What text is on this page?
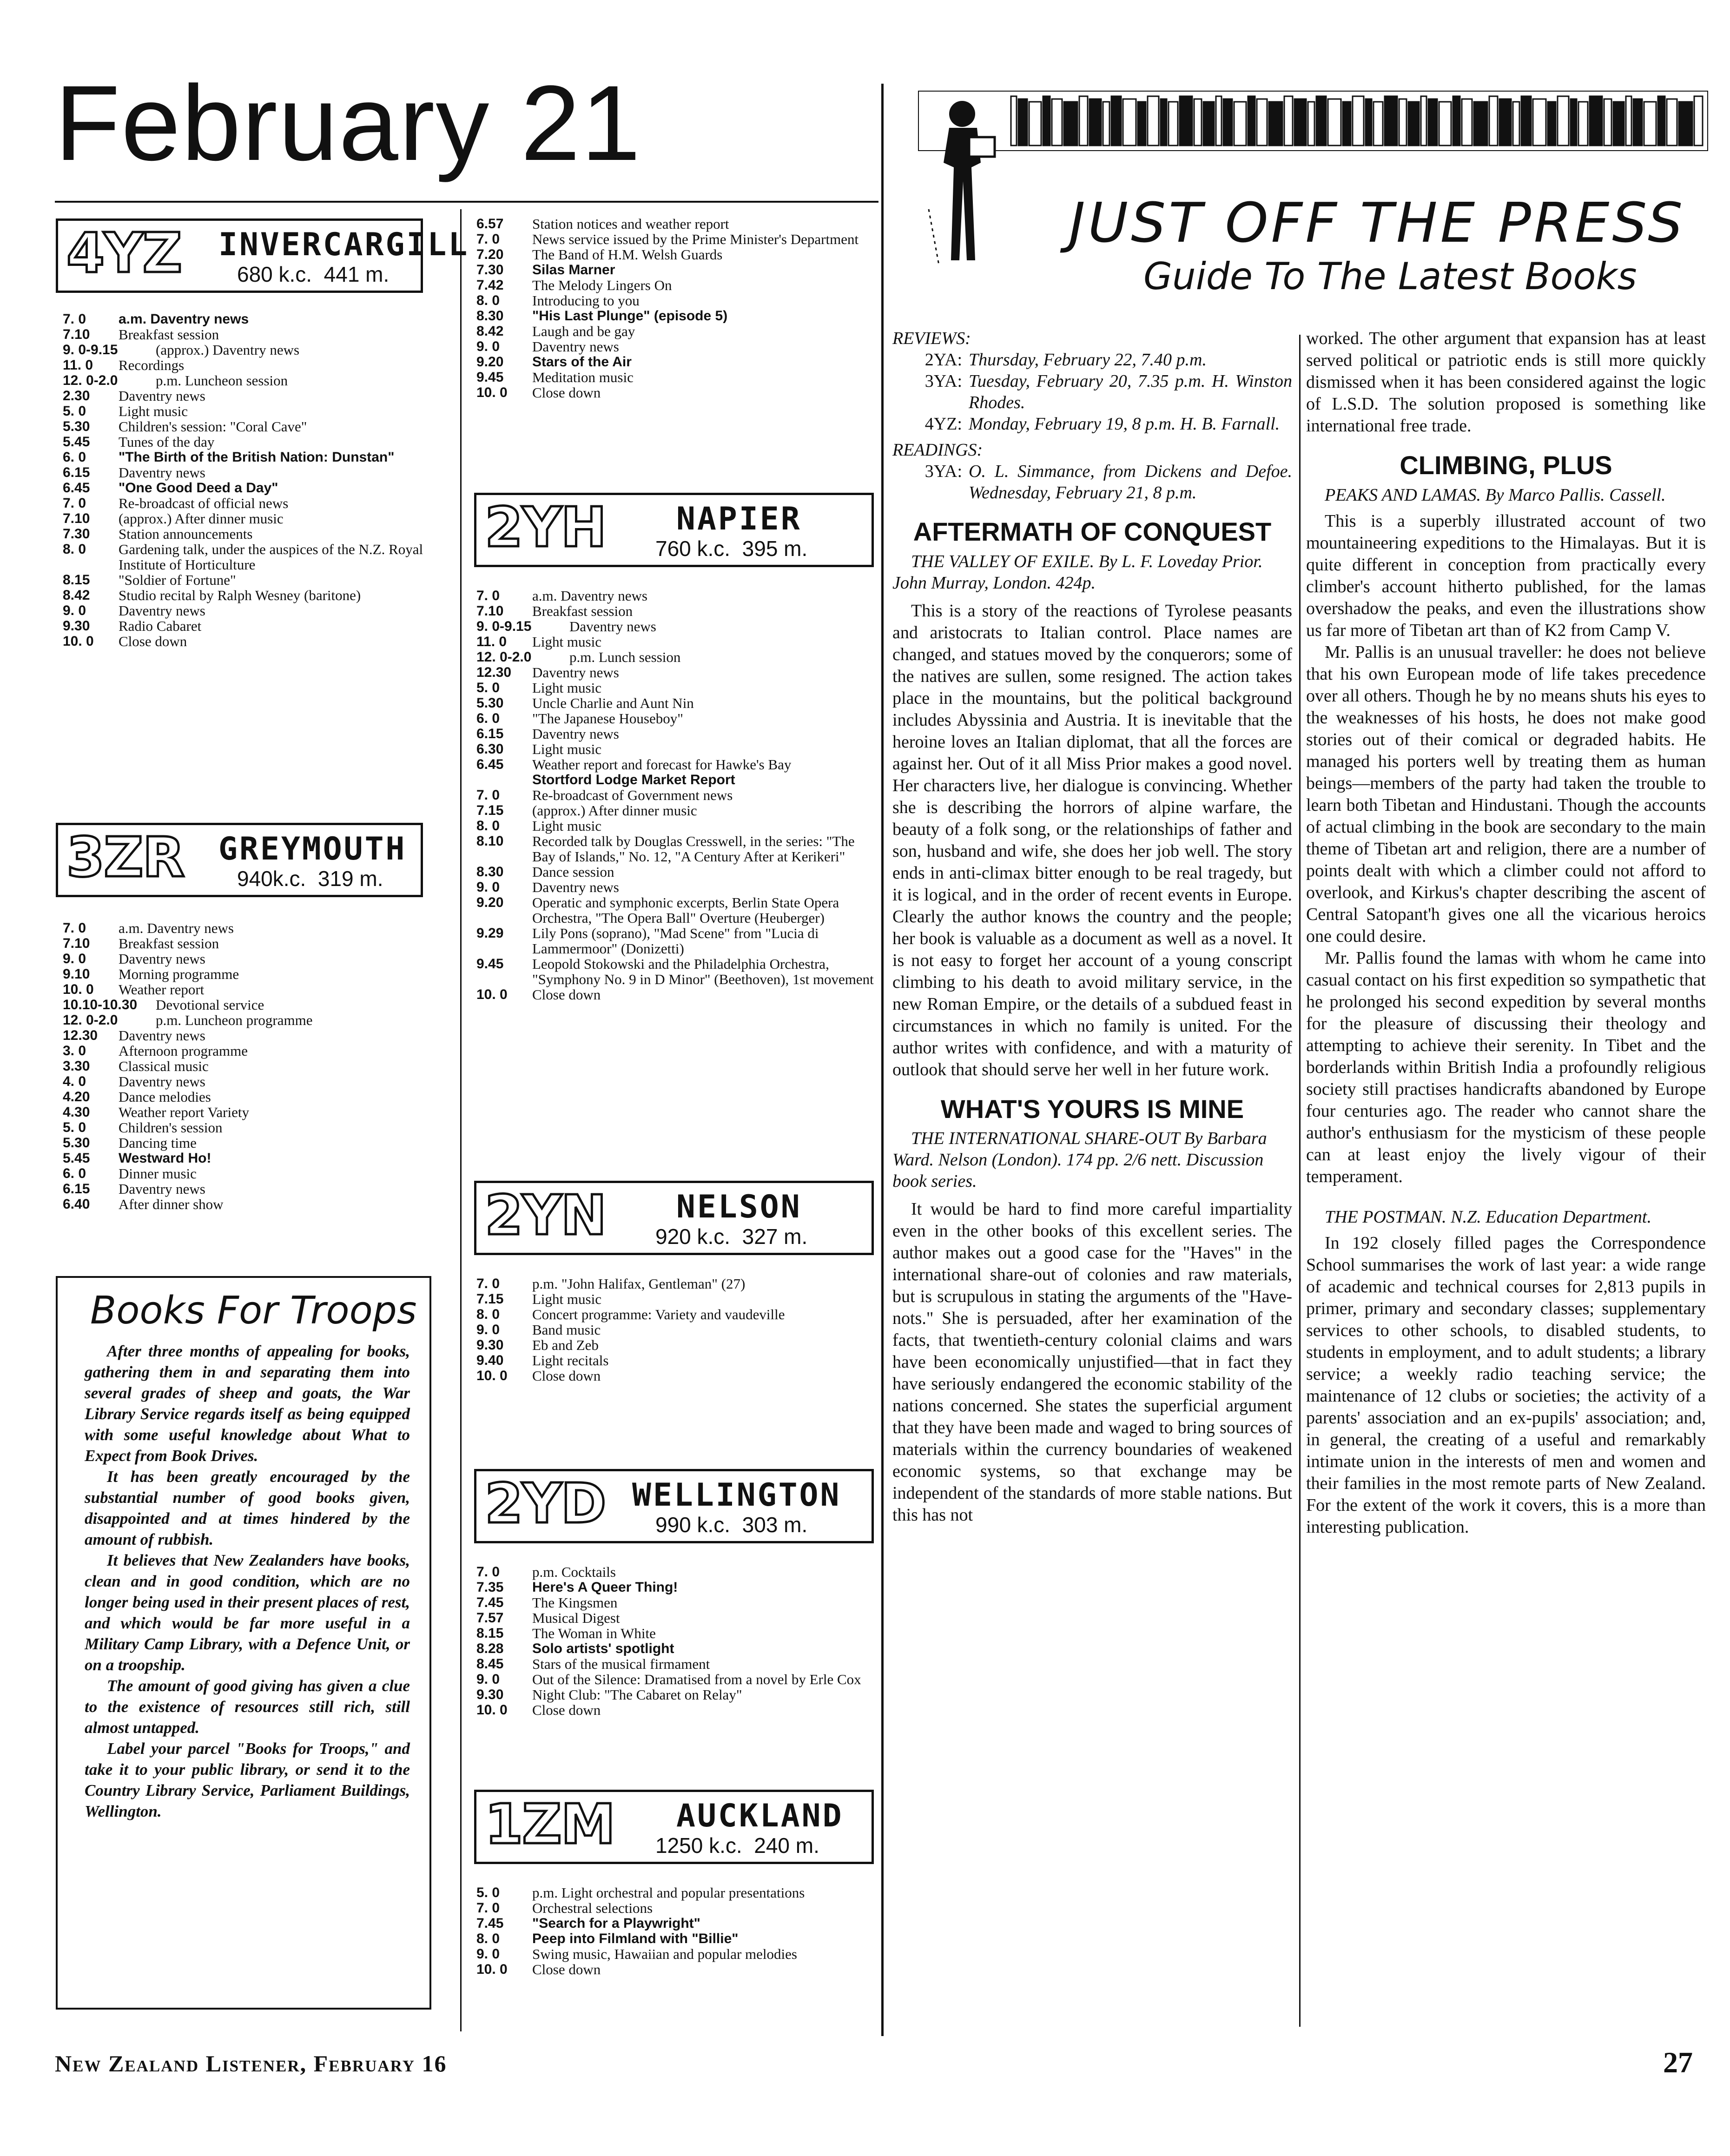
February 21
4YZ INVERCARGILL
680 k.c. 441 m.
7. 0	a.m. Daventry news
7.10	Breakfast session
9. 0-9.15	(approx.) Daventry news
11. 0	Recordings
12. 0-2.0	p.m. Luncheon session
2.30	Daventry news
5. 0	Light music
5.30	Children's session: "Coral Cave"
5.45	Tunes of the day
6. 0	"The Birth of the British Nation: Dunstan"
6.15	Daventry news
6.45	"One Good Deed a Day"
7. 0	Re-broadcast of official news
7.10	(approx.) After dinner music
7.30	Station announcements
8. 0	Gardening talk, under the auspices of the N.Z. Royal Institute of Horticulture
8.15	"Soldier of Fortune"
8.42	Studio recital by Ralph Wesney (baritone)
9. 0	Daventry news
9.30	Radio Cabaret
10. 0	Close down
3ZR GREYMOUTH
940k.c. 319 m.
7. 0	a.m. Daventry news
7.10	Breakfast session
9. 0	Daventry news
9.10	Morning programme
10. 0	Weather report
10.10-10.30	Devotional service
12. 0-2.0	p.m. Luncheon programme
12.30	Daventry news
3. 0	Afternoon programme
3.30	Classical music
4. 0	Daventry news
4.20	Dance melodies
4.30	Weather report Variety
5. 0	Children's session
5.30	Dancing time
5.45	Westward Ho!
6. 0	Dinner music
6.15	Daventry news
6.40	After dinner show
Books For Troops

After three months of appealing for books, gathering them in and separating them into several grades of sheep and goats, the War Library Service regards itself as being equipped with some useful knowledge about What to Expect from Book Drives.

It has been greatly encouraged by the substantial number of good books given, disappointed and at times hindered by the amount of rubbish.

It believes that New Zealanders have books, clean and in good condition, which are no longer being used in their present places of rest, and which would be far more useful in a Military Camp Library, with a Defence Unit, or on a troopship.

The amount of good giving has given a clue to the existence of resources still rich, still almost untapped.

Label your parcel "Books for Troops," and take it to your public library, or send it to the Country Library Service, Parliament Buildings, Wellington.

6.57	Station notices and weather report
7. 0	News service issued by the Prime Minister's Department
7.20	The Band of H.M. Welsh Guards
7.30	Silas Marner
7.42	The Melody Lingers On
8. 0	Introducing to you
8.30	"His Last Plunge" (episode 5)
8.42	Laugh and be gay
9. 0	Daventry news
9.20	Stars of the Air
9.45	Meditation music
10. 0	Close down
2YH NAPIER
760 k.c. 395 m.
7. 0	a.m. Daventry news
7.10	Breakfast session
9. 0-9.15	Daventry news
11. 0	Light music
12. 0-2.0	p.m. Lunch session
12.30	Daventry news
5. 0	Light music
5.30	Uncle Charlie and Aunt Nin
6. 0	"The Japanese Houseboy"
6.15	Daventry news
6.30	Light music
6.45	Weather report and forecast for Hawke's Bay
Stortford Lodge Market Report
7. 0	Re-broadcast of Government news
7.15	(approx.) After dinner music
8. 0	Light music
8.10	Recorded talk by Douglas Cresswell, in the series: "The Bay of Islands," No. 12, "A Century After at Kerikeri"
8.30	Dance session
9. 0	Daventry news
9.20	Operatic and symphonic excerpts, Berlin State Opera Orchestra, "The Opera Ball" Overture (Heuberger)
9.29	Lily Pons (soprano), "Mad Scene" from "Lucia di Lammermoor" (Donizetti)
9.45	Leopold Stokowski and the Philadelphia Orchestra, "Symphony No. 9 in D Minor" (Beethoven), 1st movement
10. 0	Close down
2YN NELSON
920 k.c. 327 m.
7. 0	p.m. "John Halifax, Gentleman" (27)
7.15	Light music
8. 0	Concert programme: Variety and vaudeville
9. 0	Band music
9.30	Eb and Zeb
9.40	Light recitals
10. 0	Close down
2YD WELLINGTON
990 k.c. 303 m.
7. 0	p.m. Cocktails
7.35	Here's A Queer Thing!
7.45	The Kingsmen
7.57	Musical Digest
8.15	The Woman in White
8.28	Solo artists' spotlight
8.45	Stars of the musical firmament
9. 0	Out of the Silence: Dramatised from a novel by Erle Cox
9.30	Night Club: "The Cabaret on Relay"
10. 0	Close down
1ZM AUCKLAND
1250 k.c. 240 m.
5. 0	p.m. Light orchestral and popular presentations
7. 0	Orchestral selections
7.45	"Search for a Playwright"
8. 0	Peep into Filmland with "Billie"
9. 0	Swing music, Hawaiian and popular melodies
10. 0	Close down
JUST OFF THE PRESS
Guide To The Latest Books
REVIEWS:
2YA: Thursday, February 22, 7.40 p.m.
3YA: Tuesday, February 20, 7.35 p.m. H. Winston Rhodes.
4YZ: Monday, February 19, 8 p.m. H. B. Farnall.
READINGS:
3YA: O. L. Simmance, from Dickens and Defoe. Wednesday, February 21, 8 p.m.
AFTERMATH OF CONQUEST

THE VALLEY OF EXILE. By L. F. Loveday Prior. John Murray, London. 424p.

This is a story of the reactions of Tyrolese peasants and aristocrats to Italian control. Place names are changed, and statues moved by the conquerors; some of the natives are sullen, some resigned. The action takes place in the mountains, but the political background includes Abyssinia and Austria. It is inevitable that the heroine loves an Italian diplomat, that all the forces are against her. Out of it all Miss Prior makes a good novel. Her characters live, her dialogue is convincing. Whether she is describing the horrors of alpine warfare, the beauty of a folk song, or the relationships of father and son, husband and wife, she does her job well. The story ends in anti-climax bitter enough to be real tragedy, but it is logical, and in the order of recent events in Europe. Clearly the author knows the country and the people; her book is valuable as a document as well as a novel. It is not easy to forget her account of a young conscript climbing to his death to avoid military service, in the new Roman Empire, or the details of a subdued feast in circumstances in which no family is united. For the author writes with confidence, and with a maturity of outlook that should serve her well in her future work.

WHAT'S YOURS IS MINE

THE INTERNATIONAL SHARE-OUT By Barbara Ward. Nelson (London). 174 pp. 2/6 nett. Discussion book series.

It would be hard to find more careful impartiality even in the other books of this excellent series. The author makes out a good case for the "Haves" in the international share-out of colonies and raw materials, but is scrupulous in stating the arguments of the "Have-nots." She is persuaded, after her examination of the facts, that twentieth-century colonial claims and wars have been economically unjustified—that in fact they have seriously endangered the economic stability of the nations concerned. She states the superficial argument that they have been made and waged to bring sources of materials within the currency boundaries of weakened economic systems, so that exchange may be independent of the standards of more stable nations. But this has not

worked. The other argument that expansion has at least served political or patriotic ends is still more quickly dismissed when it has been considered against the logic of L.S.D. The solution proposed is something like international free trade.

CLIMBING, PLUS

PEAKS AND LAMAS. By Marco Pallis. Cassell.

This is a superbly illustrated account of two mountaineering expeditions to the Himalayas. But it is quite different in conception from practically every climber's account hitherto published, for the lamas overshadow the peaks, and even the illustrations show us far more of Tibetan art than of K2 from Camp V.

Mr. Pallis is an unusual traveller: he does not believe that his own European mode of life takes precedence over all others. Though he by no means shuts his eyes to the weaknesses of his hosts, he does not make good stories out of their comical or degraded habits. He managed his porters well by treating them as human beings—members of the party had taken the trouble to learn both Tibetan and Hindustani. Though the accounts of actual climbing in the book are secondary to the main theme of Tibetan art and religion, there are a number of points dealt with which a climber could not afford to overlook, and Kirkus's chapter describing the ascent of Central Satopant'h gives one all the vicarious heroics one could desire.

Mr. Pallis found the lamas with whom he came into casual contact on his first expedition so sympathetic that he prolonged his second expedition by several months for the pleasure of discussing their theology and attempting to achieve their serenity. In Tibet and the borderlands within British India a profoundly religious society still practises handicrafts abandoned by Europe four centuries ago. The reader who cannot share the author's enthusiasm for the mysticism of these people can at least enjoy the lively vigour of their temperament.

THE POSTMAN. N.Z. Education Department.

In 192 closely filled pages the Correspondence School summarises the work of last year: a wide range of academic and technical courses for 2,813 pupils in primer, primary and secondary classes; supplementary services to other schools, to disabled students, to students in employment, and to adult students; a library service; a weekly radio teaching service; the maintenance of 12 clubs or societies; the activity of a parents' association and an ex-pupils' association; and, in general, the creating of a useful and remarkably intimate union in the interests of men and women and their families in the most remote parts of New Zealand. For the extent of the work it covers, this is a more than interesting publication.

New Zealand Listener, February 16	27
